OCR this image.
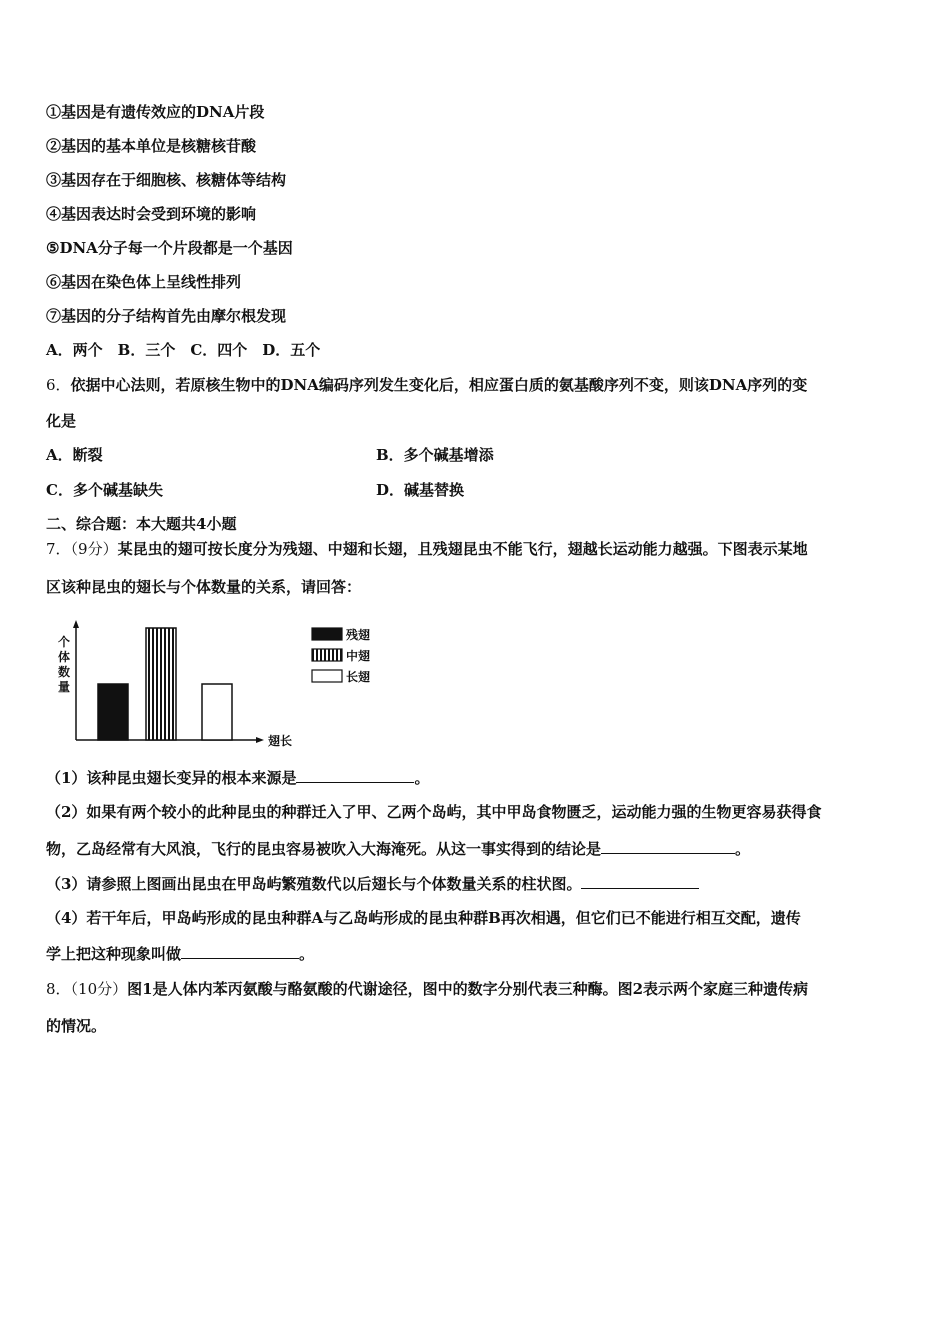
①基因是有遗传效应的DNA片段
②基因的基本单位是核糖核苷酸
③基因存在于细胞核、核糖体等结构
④基因表达时会受到环境的影响
⑤DNA分子每一个片段都是一个基因
⑥基因在染色体上呈线性排列
⑦基因的分子结构首先由摩尔根发现
A．两个　B．三个　C．四个　D．五个
6．依据中心法则，若原核生物中的DNA编码序列发生变化后，相应蛋白质的氨基酸序列不变，则该DNA序列的变
化是
A．断裂	B．多个碱基增添
C．多个碱基缺失	D．碱基替换
二、综合题：本大题共4小题
7．（9分）某昆虫的翅可按长度分为残翅、中翅和长翅，且残翅昆虫不能飞行，翅越长运动能力越强。下图表示某地
区该种昆虫的翅长与个体数量的关系，请回答：
残翅
中翅
长翅
个体数量
翅长
（1）该种昆虫翅长变异的根本来源是	。
（2）如果有两个较小的此种昆虫的种群迁入了甲、乙两个岛屿，其中甲岛食物匮乏，运动能力强的生物更容易获得食
物，乙岛经常有大风浪，飞行的昆虫容易被吹入大海淹死。从这一事实得到的结论是	。
（3）请参照上图画出昆虫在甲岛屿繁殖数代以后翅长与个体数量关系的柱状图。
（4）若干年后，甲岛屿形成的昆虫种群A与乙岛屿形成的昆虫种群B再次相遇，但它们已不能进行相互交配，遗传
学上把这种现象叫做	。
8．（10分）图1是人体内苯丙氨酸与酪氨酸的代谢途径，图中的数字分别代表三种酶。图2表示两个家庭三种遗传病
的情况。
